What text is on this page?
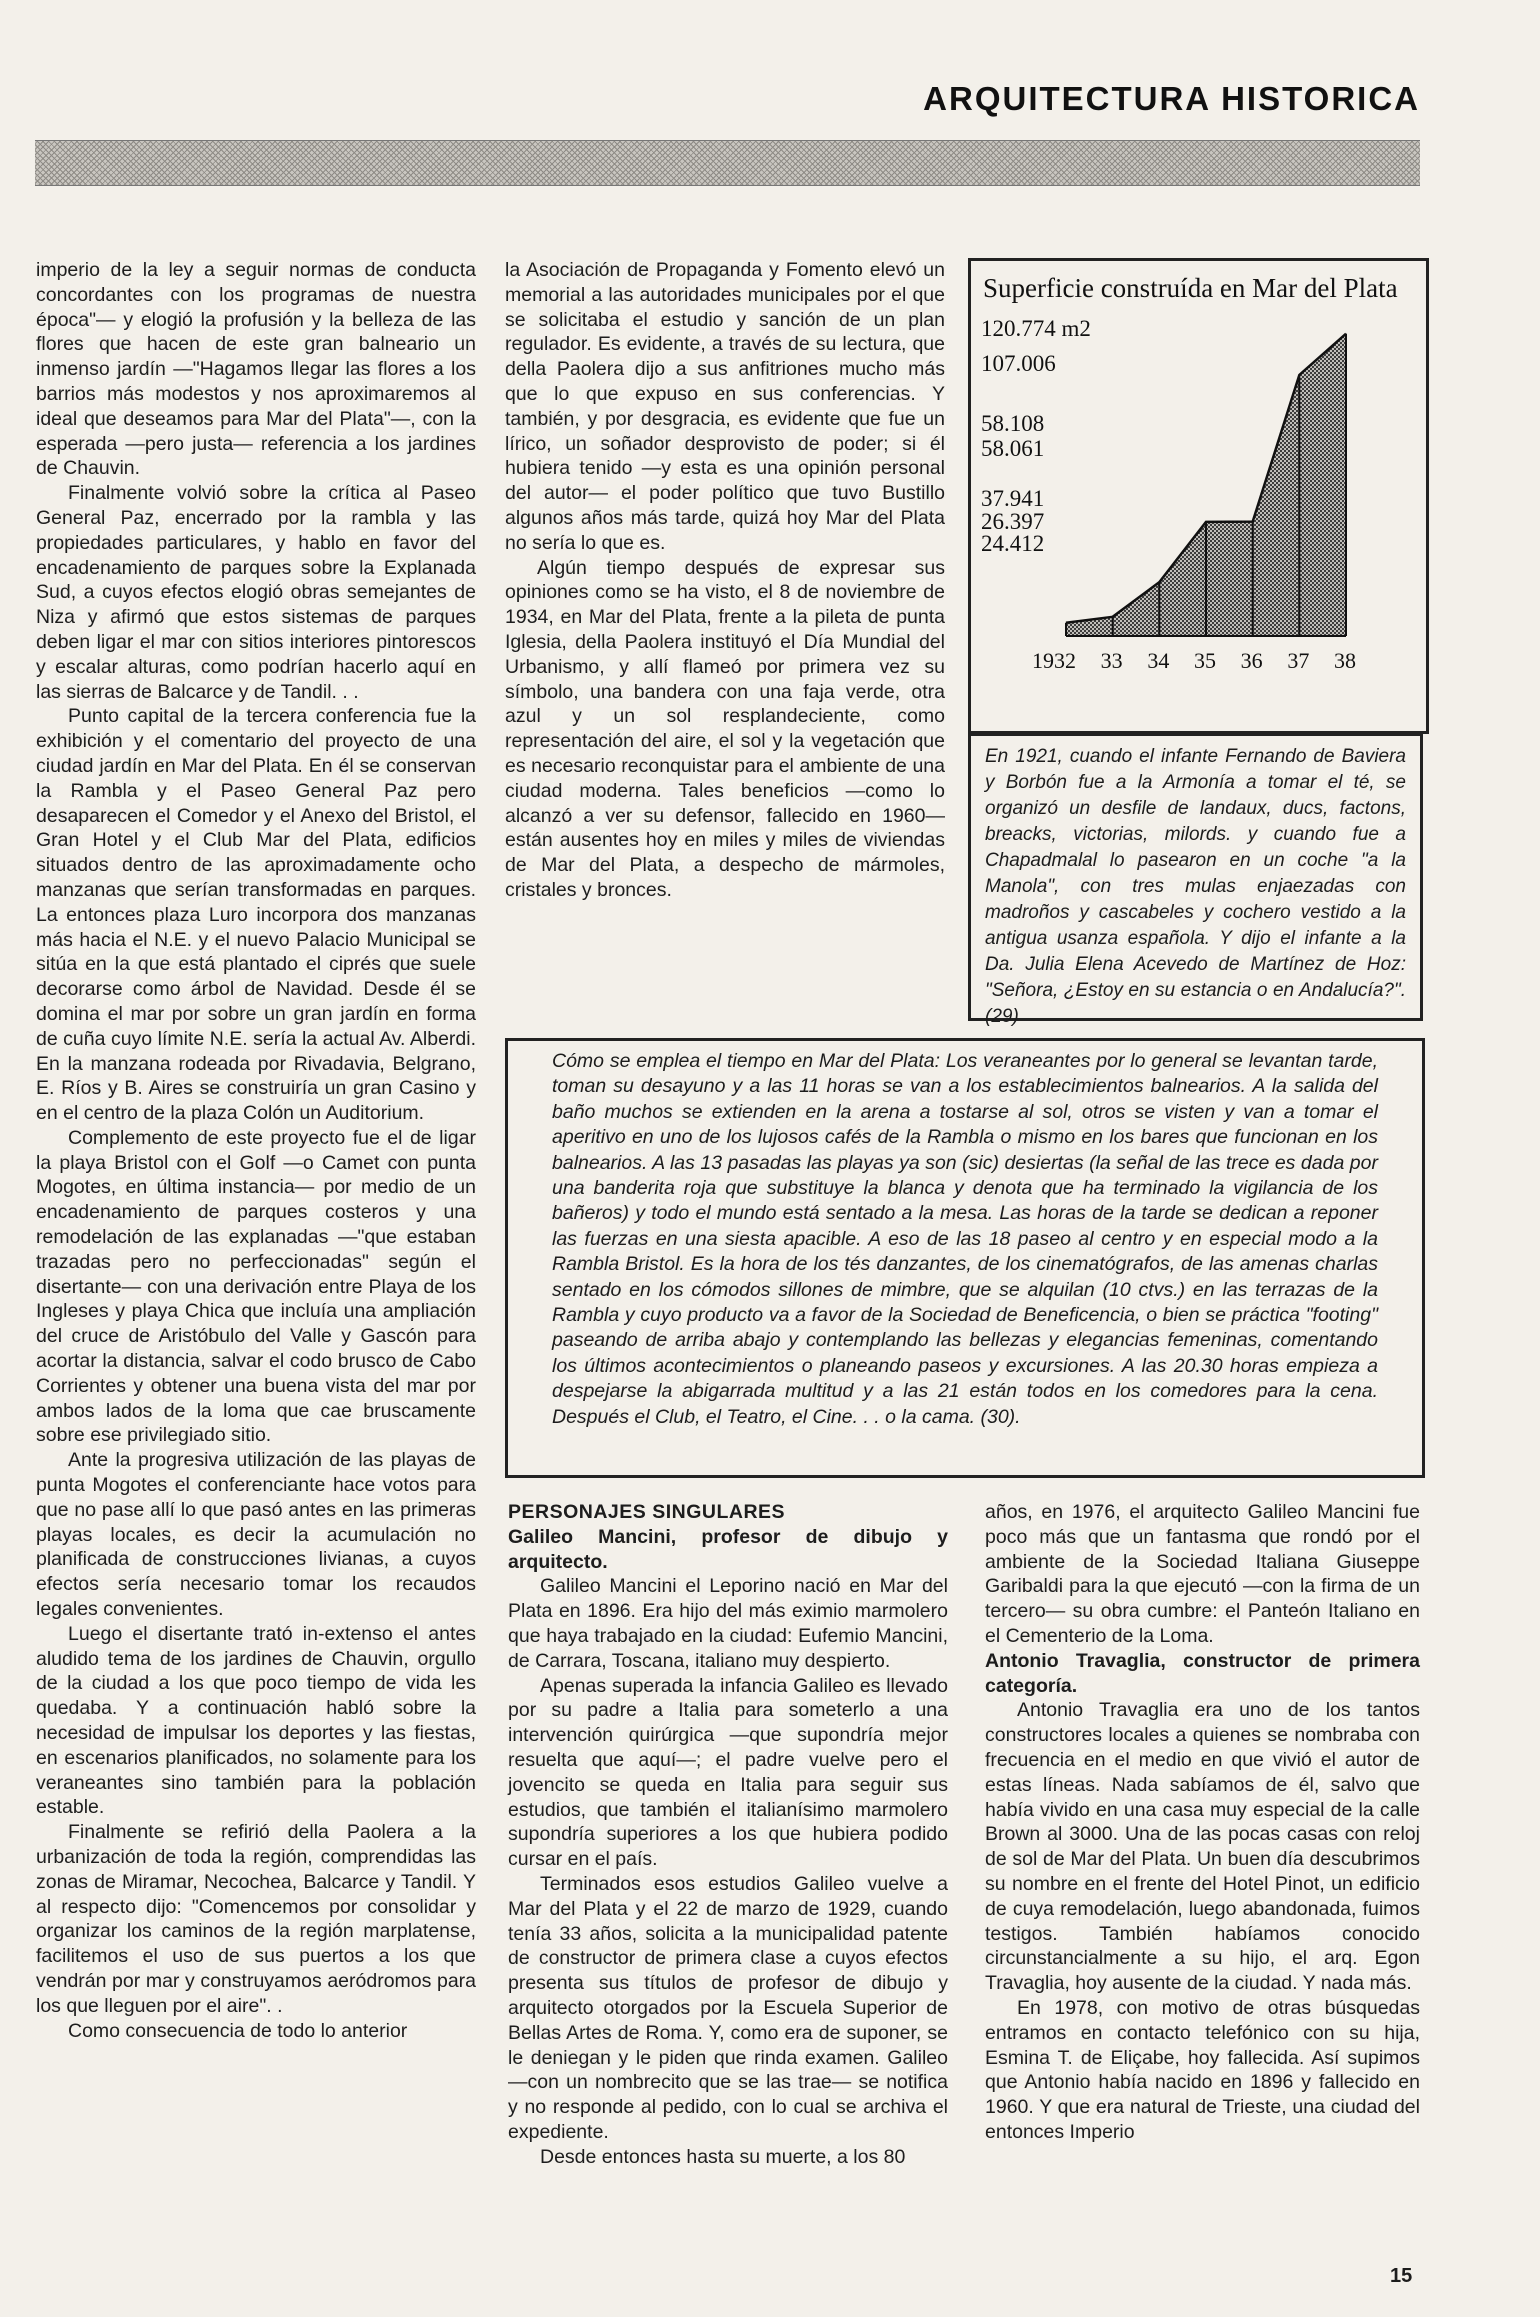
ARQUITECTURA HISTORICA

imperio de la ley a seguir normas de conducta concordantes con los programas de nuestra época"— y elogió la profusión y la belleza de las flores que hacen de este gran balneario un inmenso jardín —"Hagamos llegar las flores a los barrios más modestos y nos aproximaremos al ideal que deseamos para Mar del Plata"—, con la esperada —pero justa— referencia a los jardines de Chauvin.

Finalmente volvió sobre la crítica al Paseo General Paz, encerrado por la rambla y las propiedades particulares, y hablo en favor del encadenamiento de parques sobre la Explanada Sud, a cuyos efectos elogió obras semejantes de Niza y afirmó que estos sistemas de parques deben ligar el mar con sitios interiores pintorescos y escalar alturas, como podrían hacerlo aquí en las sierras de Balcarce y de Tandil. . .

Punto capital de la tercera conferencia fue la exhibición y el comentario del proyecto de una ciudad jardín en Mar del Plata. En él se conservan la Rambla y el Paseo General Paz pero desaparecen el Comedor y el Anexo del Bristol, el Gran Hotel y el Club Mar del Plata, edificios situados dentro de las aproximadamente ocho manzanas que serían transformadas en parques. La entonces plaza Luro incorpora dos manzanas más hacia el N.E. y el nuevo Palacio Municipal se sitúa en la que está plantado el ciprés que suele decorarse como árbol de Navidad. Desde él se domina el mar por sobre un gran jardín en forma de cuña cuyo límite N.E. sería la actual Av. Alberdi. En la manzana rodeada por Rivadavia, Belgrano, E. Ríos y B. Aires se construiría un gran Casino y en el centro de la plaza Colón un Auditorium.

Complemento de este proyecto fue el de ligar la playa Bristol con el Golf —o Camet con punta Mogotes, en última instancia— por medio de un encadenamiento de parques costeros y una remodelación de las explanadas —"que estaban trazadas pero no perfeccionadas" según el disertante— con una derivación entre Playa de los Ingleses y playa Chica que incluía una ampliación del cruce de Aristóbulo del Valle y Gascón para acortar la distancia, salvar el codo brusco de Cabo Corrientes y obtener una buena vista del mar por ambos lados de la loma que cae bruscamente sobre ese privilegiado sitio.

Ante la progresiva utilización de las playas de punta Mogotes el conferenciante hace votos para que no pase allí lo que pasó antes en las primeras playas locales, es decir la acumulación no planificada de construcciones livianas, a cuyos efectos sería necesario tomar los recaudos legales convenientes.

Luego el disertante trató in-extenso el antes aludido tema de los jardines de Chauvin, orgullo de la ciudad a los que poco tiempo de vida les quedaba. Y a continuación habló sobre la necesidad de impulsar los deportes y las fiestas, en escenarios planificados, no solamente para los veraneantes sino también para la población estable.

Finalmente se refirió della Paolera a la urbanización de toda la región, comprendidas las zonas de Miramar, Necochea, Balcarce y Tandil. Y al respecto dijo: "Comencemos por consolidar y organizar los caminos de la región marplatense, facilitemos el uso de sus puertos a los que vendrán por mar y construyamos aeródromos para los que lleguen por el aire". .

Como consecuencia de todo lo anterior

la Asociación de Propaganda y Fomento elevó un memorial a las autoridades municipales por el que se solicitaba el estudio y sanción de un plan regulador. Es evidente, a través de su lectura, que della Paolera dijo a sus anfitriones mucho más que lo que expuso en sus conferencias. Y también, y por desgracia, es evidente que fue un lírico, un soñador desprovisto de poder; si él hubiera tenido —y esta es una opinión personal del autor— el poder político que tuvo Bustillo algunos años más tarde, quizá hoy Mar del Plata no sería lo que es.

Algún tiempo después de expresar sus opiniones como se ha visto, el 8 de noviembre de 1934, en Mar del Plata, frente a la pileta de punta Iglesia, della Paolera instituyó el Día Mundial del Urbanismo, y allí flameó por primera vez su símbolo, una bandera con una faja verde, otra azul y un sol resplandeciente, como representación del aire, el sol y la vegetación que es necesario reconquistar para el ambiente de una ciudad moderna. Tales beneficios —como lo alcanzó a ver su defensor, fallecido en 1960— están ausentes hoy en miles y miles de viviendas de Mar del Plata, a despecho de mármoles, cristales y bronces.

Superficie construída en Mar del Plata
120.774 m2
107.006
58.108
58.061
37.941
26.397
24.412
1932 33 34 35 36 37 38
En 1921, cuando el infante Fernando de Baviera y Borbón fue a la Armonía a tomar el té, se organizó un desfile de landaux, ducs, factons, breacks, victorias, milords. y cuando fue a Chapadmalal lo pasearon en un coche "a la Manola", con tres mulas enjaezadas con madroños y cascabeles y cochero vestido a la antigua usanza española. Y dijo el infante a la Da. Julia Elena Acevedo de Martínez de Hoz: "Señora, ¿Estoy en su estancia o en Andalucía?". (29)
Cómo se emplea el tiempo en Mar del Plata: Los veraneantes por lo general se levantan tarde, toman su desayuno y a las 11 horas se van a los establecimientos balnearios. A la salida del baño muchos se extienden en la arena a tostarse al sol, otros se visten y van a tomar el aperitivo en uno de los lujosos cafés de la Rambla o mismo en los bares que funcionan en los balnearios. A las 13 pasadas las playas ya son (sic) desiertas (la señal de las trece es dada por una banderita roja que substituye la blanca y denota que ha terminado la vigilancia de los bañeros) y todo el mundo está sentado a la mesa. Las horas de la tarde se dedican a reponer las fuerzas en una siesta apacible. A eso de las 18 paseo al centro y en especial modo a la Rambla Bristol. Es la hora de los tés danzantes, de los cinematógrafos, de las amenas charlas sentado en los cómodos sillones de mimbre, que se alquilan (10 ctvs.) en las terrazas de la Rambla y cuyo producto va a favor de la Sociedad de Beneficencia, o bien se práctica "footing" paseando de arriba abajo y contemplando las bellezas y elegancias femeninas, comentando los últimos acontecimientos o planeando paseos y excursiones. A las 20.30 horas empieza a despejarse la abigarrada multitud y a las 21 están todos en los comedores para la cena. Después el Club, el Teatro, el Cine. . . o la cama. (30).
PERSONAJES SINGULARES
Galileo Mancini, profesor de dibujo y arquitecto.

Galileo Mancini el Leporino nació en Mar del Plata en 1896. Era hijo del más eximio marmolero que haya trabajado en la ciudad: Eufemio Mancini, de Carrara, Toscana, italiano muy despierto.

Apenas superada la infancia Galileo es llevado por su padre a Italia para someterlo a una intervención quirúrgica —que supondría mejor resuelta que aquí—; el padre vuelve pero el jovencito se queda en Italia para seguir sus estudios, que también el italianísimo marmolero supondría superiores a los que hubiera podido cursar en el país.

Terminados esos estudios Galileo vuelve a Mar del Plata y el 22 de marzo de 1929, cuando tenía 33 años, solicita a la municipalidad patente de constructor de primera clase a cuyos efectos presenta sus títulos de profesor de dibujo y arquitecto otorgados por la Escuela Superior de Bellas Artes de Roma. Y, como era de suponer, se le deniegan y le piden que rinda examen. Galileo —con un nombrecito que se las trae— se notifica y no responde al pedido, con lo cual se archiva el expediente.

Desde entonces hasta su muerte, a los 80

años, en 1976, el arquitecto Galileo Mancini fue poco más que un fantasma que rondó por el ambiente de la Sociedad Italiana Giuseppe Garibaldi para la que ejecutó —con la firma de un tercero— su obra cumbre: el Panteón Italiano en el Cementerio de la Loma.

Antonio Travaglia, constructor de primera categoría.

Antonio Travaglia era uno de los tantos constructores locales a quienes se nombraba con frecuencia en el medio en que vivió el autor de estas líneas. Nada sabíamos de él, salvo que había vivido en una casa muy especial de la calle Brown al 3000. Una de las pocas casas con reloj de sol de Mar del Plata. Un buen día descubrimos su nombre en el frente del Hotel Pinot, un edificio de cuya remodelación, luego abandonada, fuimos testigos. También habíamos conocido circunstancialmente a su hijo, el arq. Egon Travaglia, hoy ausente de la ciudad. Y nada más.

En 1978, con motivo de otras búsquedas entramos en contacto telefónico con su hija, Esmina T. de Eliçabe, hoy fallecida. Así supimos que Antonio había nacido en 1896 y fallecido en 1960. Y que era natural de Trieste, una ciudad del entonces Imperio

15
